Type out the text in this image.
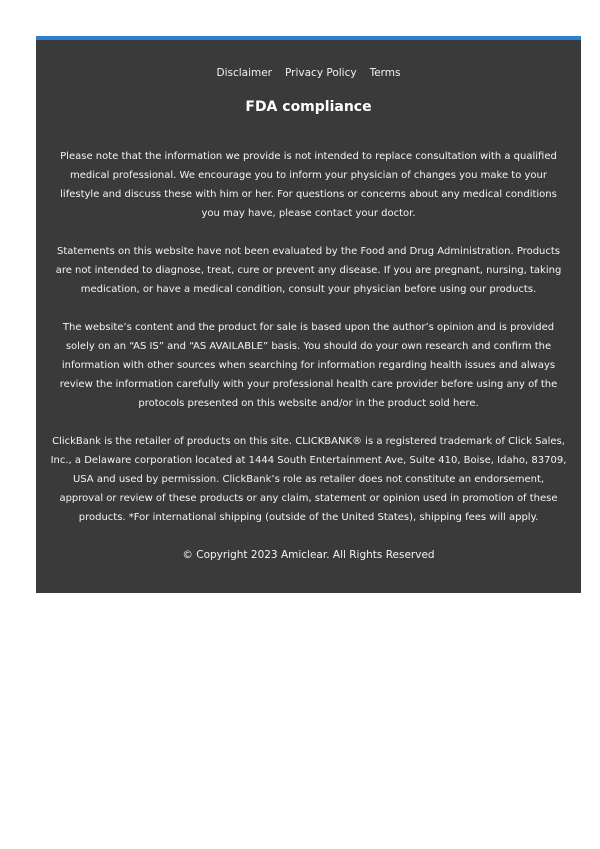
Disclaimer Privacy Policy Terms
FDA compliance

Please note that the information we provide is not intended to replace consultation with a qualified medical professional. We encourage you to inform your physician of changes you make to your lifestyle and discuss these with him or her. For questions or concerns about any medical conditions you may have, please contact your doctor.

Statements on this website have not been evaluated by the Food and Drug Administration. Products are not intended to diagnose, treat, cure or prevent any disease. If you are pregnant, nursing, taking medication, or have a medical condition, consult your physician before using our products.

The website’s content and the product for sale is based upon the author’s opinion and is provided solely on an “AS IS” and “AS AVAILABLE” basis. You should do your own research and confirm the information with other sources when searching for information regarding health issues and always review the information carefully with your professional health care provider before using any of the protocols presented on this website and/or in the product sold here.

ClickBank is the retailer of products on this site. CLICKBANK® is a registered trademark of Click Sales, Inc., a Delaware corporation located at 1444 South Entertainment Ave, Suite 410, Boise, Idaho, 83709, USA and used by permission. ClickBank’s role as retailer does not constitute an endorsement, approval or review of these products or any claim, statement or opinion used in promotion of these products. *For international shipping (outside of the United States), shipping fees will apply.

© Copyright 2023 Amiclear. All Rights Reserved
